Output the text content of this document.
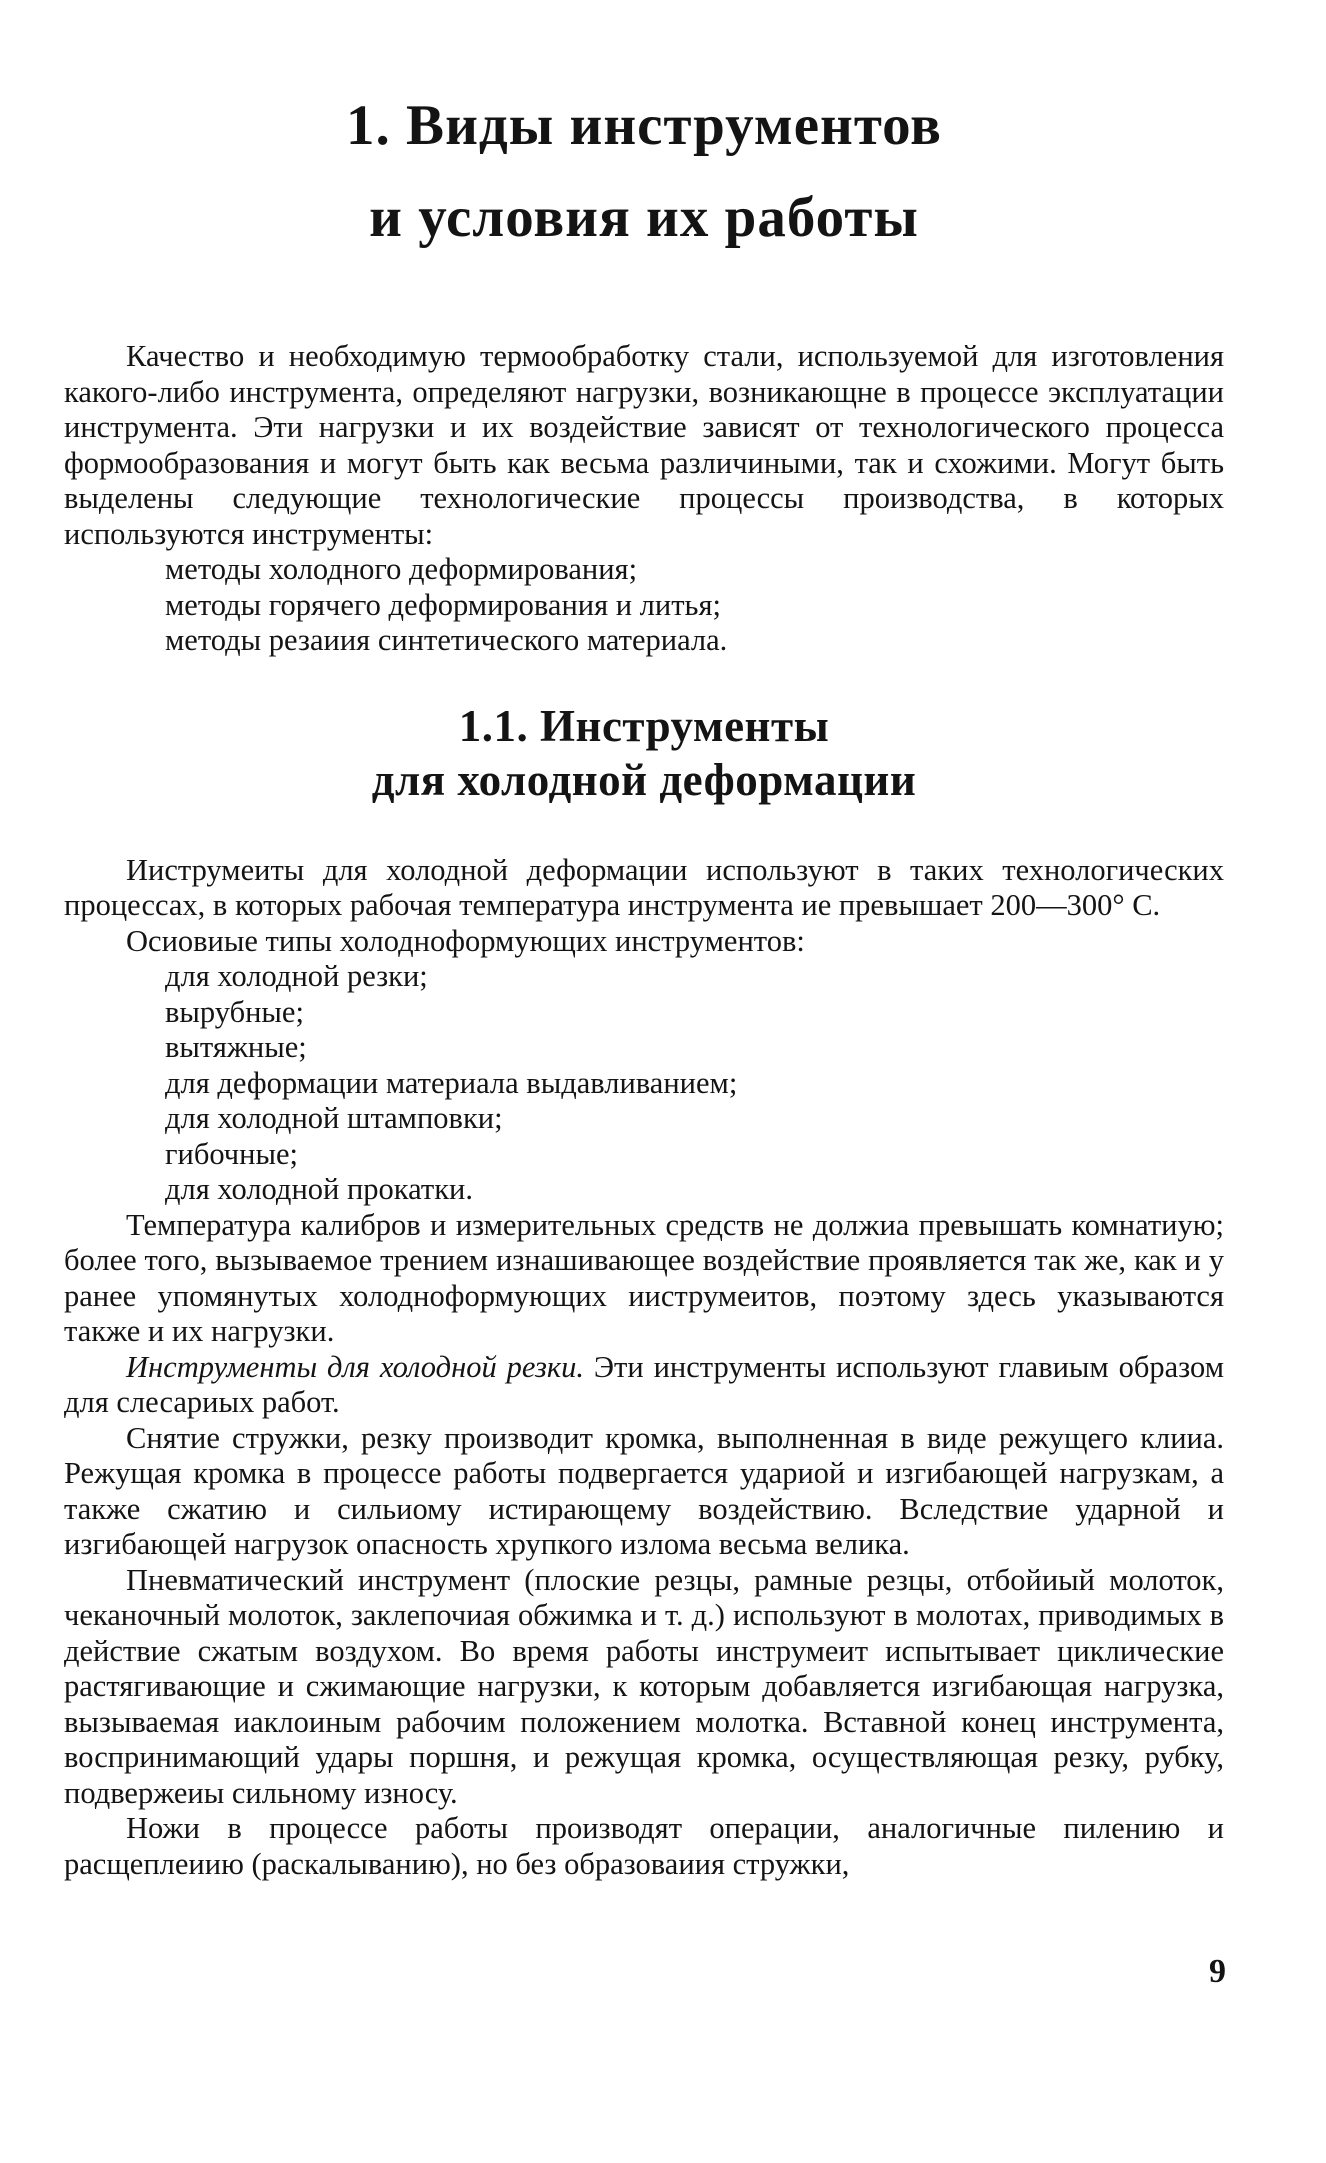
1. Виды инструментов
и условия их работы

Качество и необходимую термообработку стали, используемой для изготовления какого-либо инструмента, определяют нагрузки, возникающне в процессе эксплуатации инструмента. Эти нагрузки и их воздействие зависят от технологического процесса формообразования и могут быть как весьма различиными, так и схожими. Могут быть выделены следующие технологические процессы производства, в которых используются инструменты:

методы холодного деформирования;
методы горячего деформирования и литья;
методы резаиия синтетического материала.
1.1. Инструменты
для холодной деформации

Ииструмеиты для холодной деформации используют в таких технологических процессах, в которых рабочая температура инструмента ие превышает 200—300° С.

Осиовиые типы холодноформующих инструментов:

для холодной резки;
вырубные;
вытяжные;
для деформации материала выдавливанием;
для холодной штамповки;
гибочные;
для холодной прокатки.

Температура калибров и измерительных средств не должиа превышать комнатиую; более того, вызываемое трением изнашивающее воздействие проявляется так же, как и у ранее упомянутых холодноформующих ииструмеитов, поэтому здесь указываются также и их нагрузки.

Инструменты для холодной резки. Эти инструменты используют главиым образом для слесариых работ.

Снятие стружки, резку производит кромка, выполненная в виде режущего клииа. Режущая кромка в процессе работы подвергается удариой и изгибающей нагрузкам, а также сжатию и сильиому истирающему воздействию. Вследствие ударной и изгибающей нагрузок опасность хрупкого излома весьма велика.

Пневматический инструмент (плоские резцы, рамные резцы, отбойиый молоток, чеканочный молоток, заклепочиая обжимка и т. д.) используют в молотах, приводимых в действие сжатым воздухом. Во время работы инструмеит испытывает циклические растягивающие и сжимающие нагрузки, к которым добавляется изгибающая нагрузка, вызываемая иаклоиным рабочим положением молотка. Вставной конец инструмента, воспринимающий удары поршня, и режущая кромка, осуществляющая резку, рубку, подвержеиы сильному износу.

Ножи в процессе работы производят операции, аналогичные пилению и расщеплеиию (раскалыванию), но без образоваиия стружки,

9
